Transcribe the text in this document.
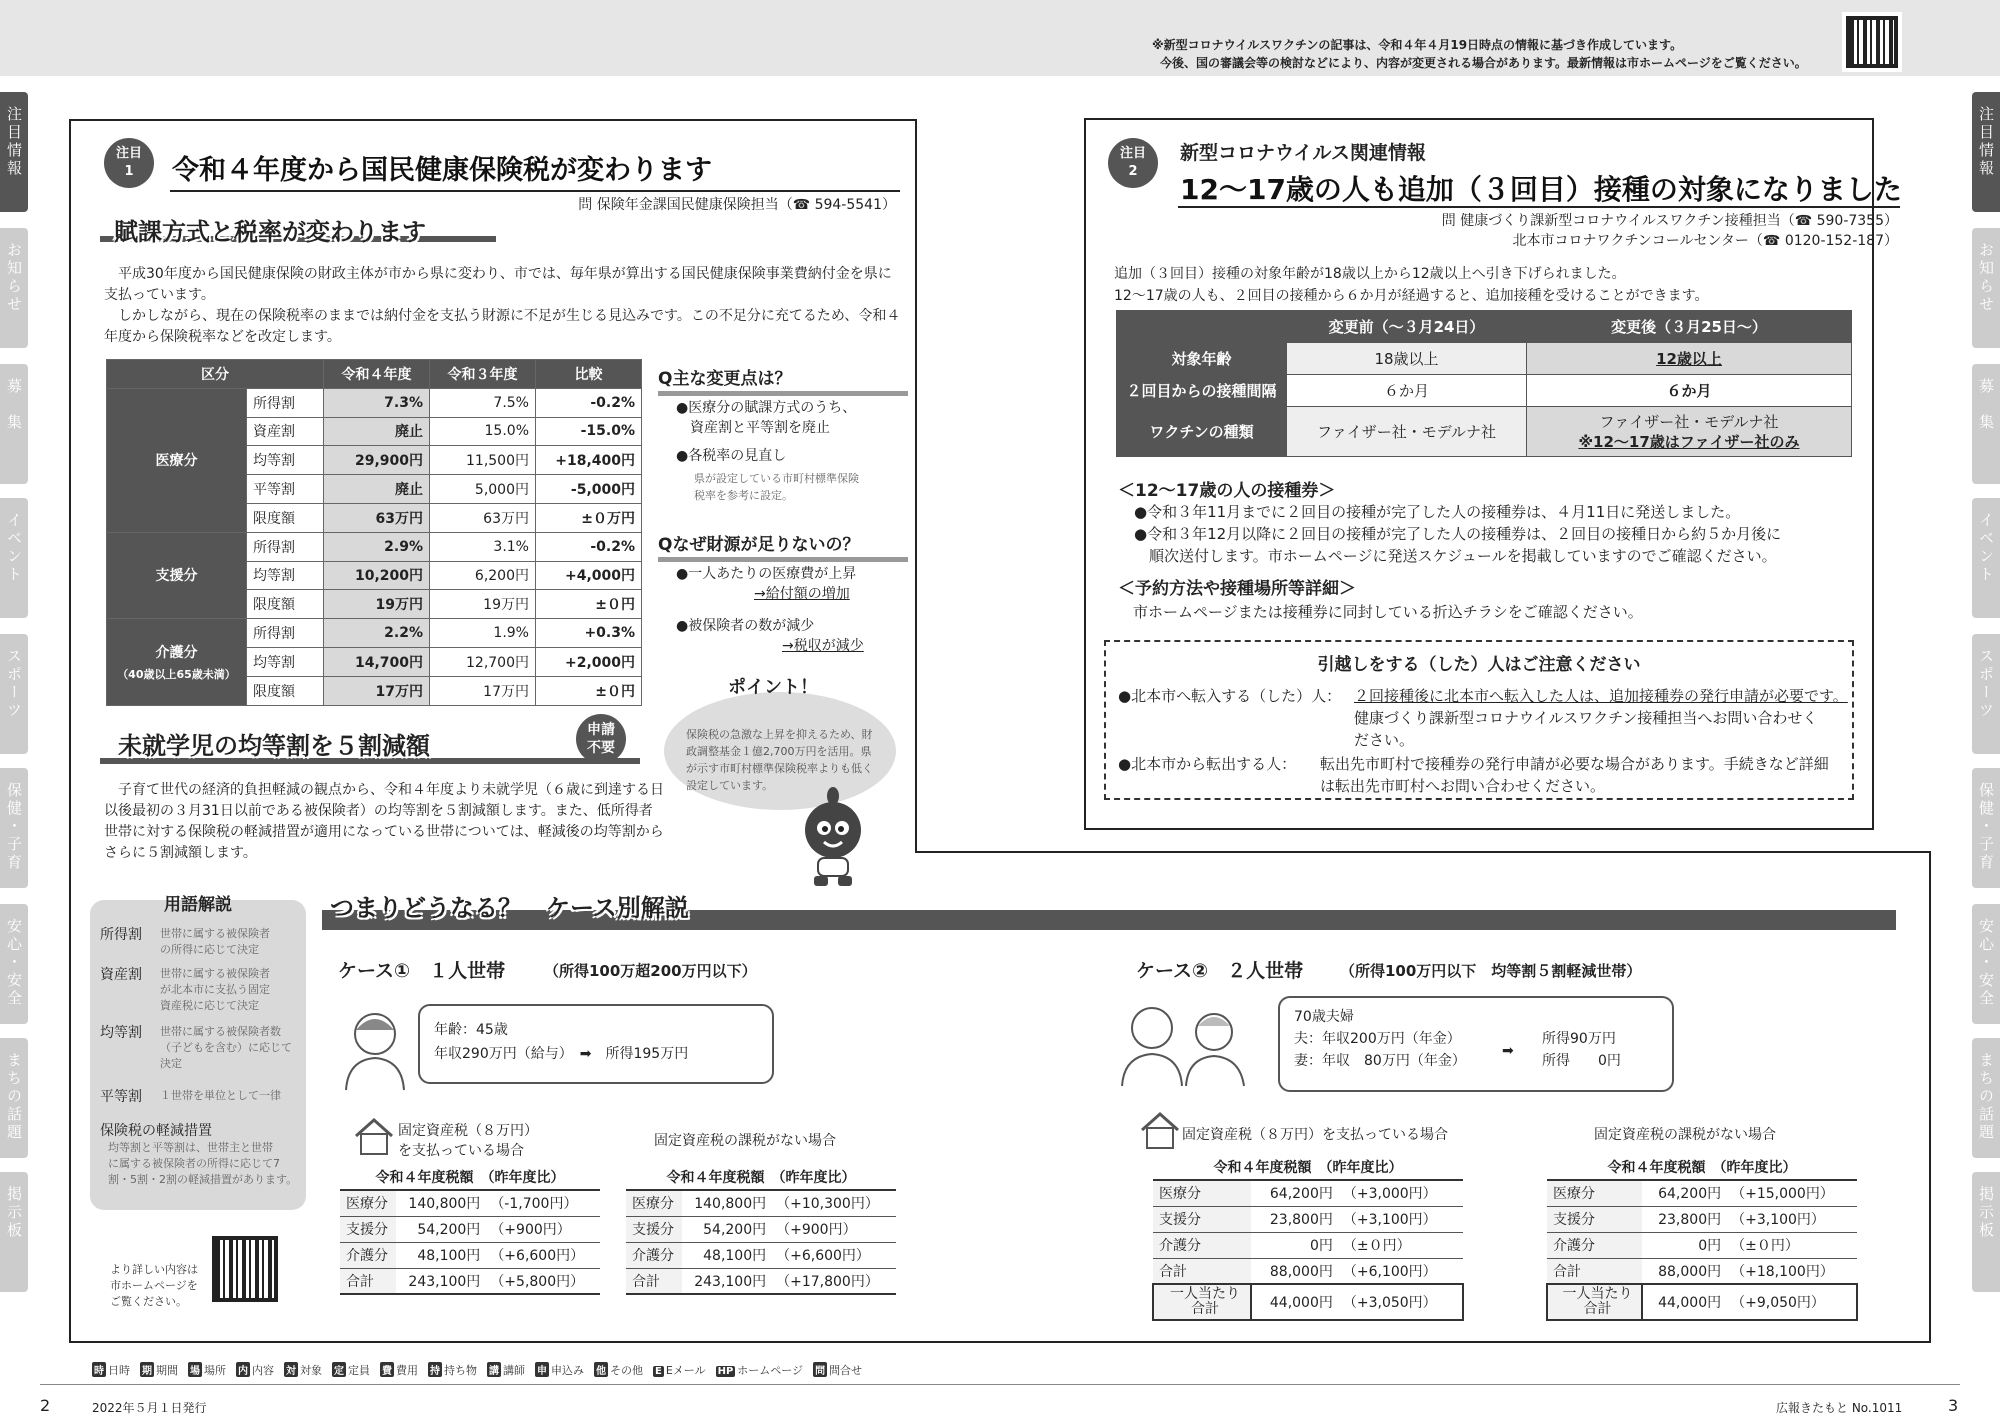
※新型コロナウイルスワクチンの記事は、令和４年４月19日時点の情報に基づき作成しています。
今後、国の審議会等の検討などにより、内容が変更される場合があります。最新情報は市ホームページをご覧ください。
注目情報
お知らせ
募　集
イベント
スポーツ
保健・子育
安心・安全
まちの話題
掲示板
注目情報
お知らせ
募　集
イベント
スポーツ
保健・子育て
安心・安全
まちの話題
掲示板
注目
1	令和４年度から国民健康保険税が変わります
問 保険年金課国民健康保険担当（☎ 594-5541）
賦課方式と税率が変わります
　平成30年度から国民健康保険の財政主体が市から県に変わり、市では、毎年県が算出する国民健康保険事業費納付金を県に支払っています。
　しかしながら、現在の保険税率のままでは納付金を支払う財源に不足が生じる見込みです。この不足分に充てるため、令和４年度から保険税率などを改定します。
区分		令和４年度	令和３年度	比較

医療分	所得割	7.3%	7.5%	-0.2%
	資産割	廃止	15.0%	-15.0%
	均等割	29,900円	11,500円	+18,400円
	平等割	廃止	5,000円	-5,000円
	限度額	63万円	63万円	±０万円

支援分	所得割	2.9%	3.1%	-0.2%
	均等割	10,200円	6,200円	+4,000円
	限度額	19万円	19万円	±０円

介護分
（40歳以上65歳未満）	所得割	2.2%	1.9%	+0.3%
	均等割	14,700円	12,700円	+2,000円
	限度額	17万円	17万円	±０円
Q主な変更点は？
●医療分の賦課方式のうち、
　資産割と平等割を廃止
●各税率の見直し
県が設定している市町村標準保険
税率を参考に設定。
Qなぜ財源が足りないの？
●一人あたりの医療費が上昇
→給付額の増加
●被保険者の数が減少
→税収が減少
保険税の急激な上昇を抑えるため、財政調整基金１億2,700万円を活用。県が示す市町村標準保険税率よりも低く設定しています。
ポイント！
未就学児の均等割を５割減額
申請
不要
　子育て世代の経済的負担軽減の観点から、令和４年度より未就学児（６歳に到達する日以後最初の３月31日以前である被保険者）の均等割を５割減額します。また、低所得者世帯に対する保険税の軽減措置が適用になっている世帯については、軽減後の均等割からさらに５割減額します。
用語解説
所得割 世帯に属する被保険者
の所得に応じて決定
資産割 世帯に属する被保険者
が北本市に支払う固定
資産税に応じて決定
均等割 世帯に属する被保険者数
（子どもを含む）に応じて
決定
平等割 １世帯を単位として一律
保険税の軽減措置
均等割と平等割は、世帯主と世帯
に属する被保険者の所得に応じて7
割・5割・2割の軽減措置があります。
より詳しい内容は
市ホームページを
ご覧ください。
つまりどうなる？　ケース別解説
ケース①　１人世帯	（所得100万超200万円以下）
年齢：45歳
年収290万円（給与）　 ➡　 所得195万円
固定資産税（８万円）
を支払っている場合
固定資産税の課税がない場合
令和４年度税額　（昨年度比）		
医療分	140,800円	（-1,700円）
支援分	54,200円	（+900円）
介護分	48,100円	（+6,600円）
合計	243,100円	（+5,800円）
令和４年度税額　（昨年度比）		
医療分	140,800円	（+10,300円）
支援分	54,200円	（+900円）
介護分	48,100円	（+6,600円）
合計	243,100円	（+17,800円）
ケース②　２人世帯 （所得100万円以下　均等割５割軽減世帯）
70歳夫婦
夫：年収200万円（年金）	所得90万円
妻：年収　80万円（年金）
➡
所得　　0円
固定資産税（８万円）を支払っている場合	固定資産税の課税がない場合
令和４年度税額　（昨年度比）		
医療分	64,200円	（+3,000円）
支援分	23,800円	（+3,100円）
介護分	0円	（±０円）
合計	88,000円	（+6,100円）

一人当たり
合計	44,000円	（+3,050円）
令和４年度税額　（昨年度比）		
医療分	64,200円	（+15,000円）
支援分	23,800円	（+3,100円）
介護分	0円	（±０円）
合計	88,000円	（+18,100円）

一人当たり
合計	44,000円	（+9,050円）
注目
2
新型コロナウイルス関連情報
12～17歳の人も追加（３回目）接種の対象になりました
問 健康づくり課新型コロナウイルスワクチン接種担当（☎ 590-7355）
北本市コロナワクチンコールセンター（☎ 0120-152-187）
追加（３回目）接種の対象年齢が18歳以上から12歳以上へ引き下げられました。
12～17歳の人も、２回目の接種から６か月が経過すると、追加接種を受けることができます。
	変更前（～３月24日）	変更後（３月25日～）
対象年齢	18歳以上	12歳以上
２回目からの接種間隔	６か月	６か月
ワクチンの種類	ファイザー社・モデルナ社	ファイザー社・モデルナ社
※12～17歳はファイザー社のみ
＜12～17歳の人の接種券＞
●令和３年11月までに２回目の接種が完了した人の接種券は、４月11日に発送しました。
●令和３年12月以降に２回目の接種が完了した人の接種券は、２回目の接種日から約５か月後に
　順次送付します。市ホームページに発送スケジュールを掲載していますのでご確認ください。
＜予約方法や接種場所等詳細＞
　市ホームページまたは接種券に同封している折込チラシをご確認ください。
引越しをする（した）人はご注意ください
●北本市へ転入する（した）人： ２回接種後に北本市へ転入した人は、追加接種券の発行申請が必要です。
健康づくり課新型コロナウイルスワクチン接種担当へお問い合わせく
ださい。
●北本市から転出する人： 転出先市町村で接種券の発行申請が必要な場合があります。手続きなど詳細
は転出先市町村へお問い合わせください。
時 日時 期 期間 場 場所 内 内容 対 対象 定 定員 費 費用 持 持ち物 講 講師 申 申込み 他 その他 E Eメール HP ホームページ 問 問合せ
2	2022年５月１日発行	広報きたもと No.1011	3
